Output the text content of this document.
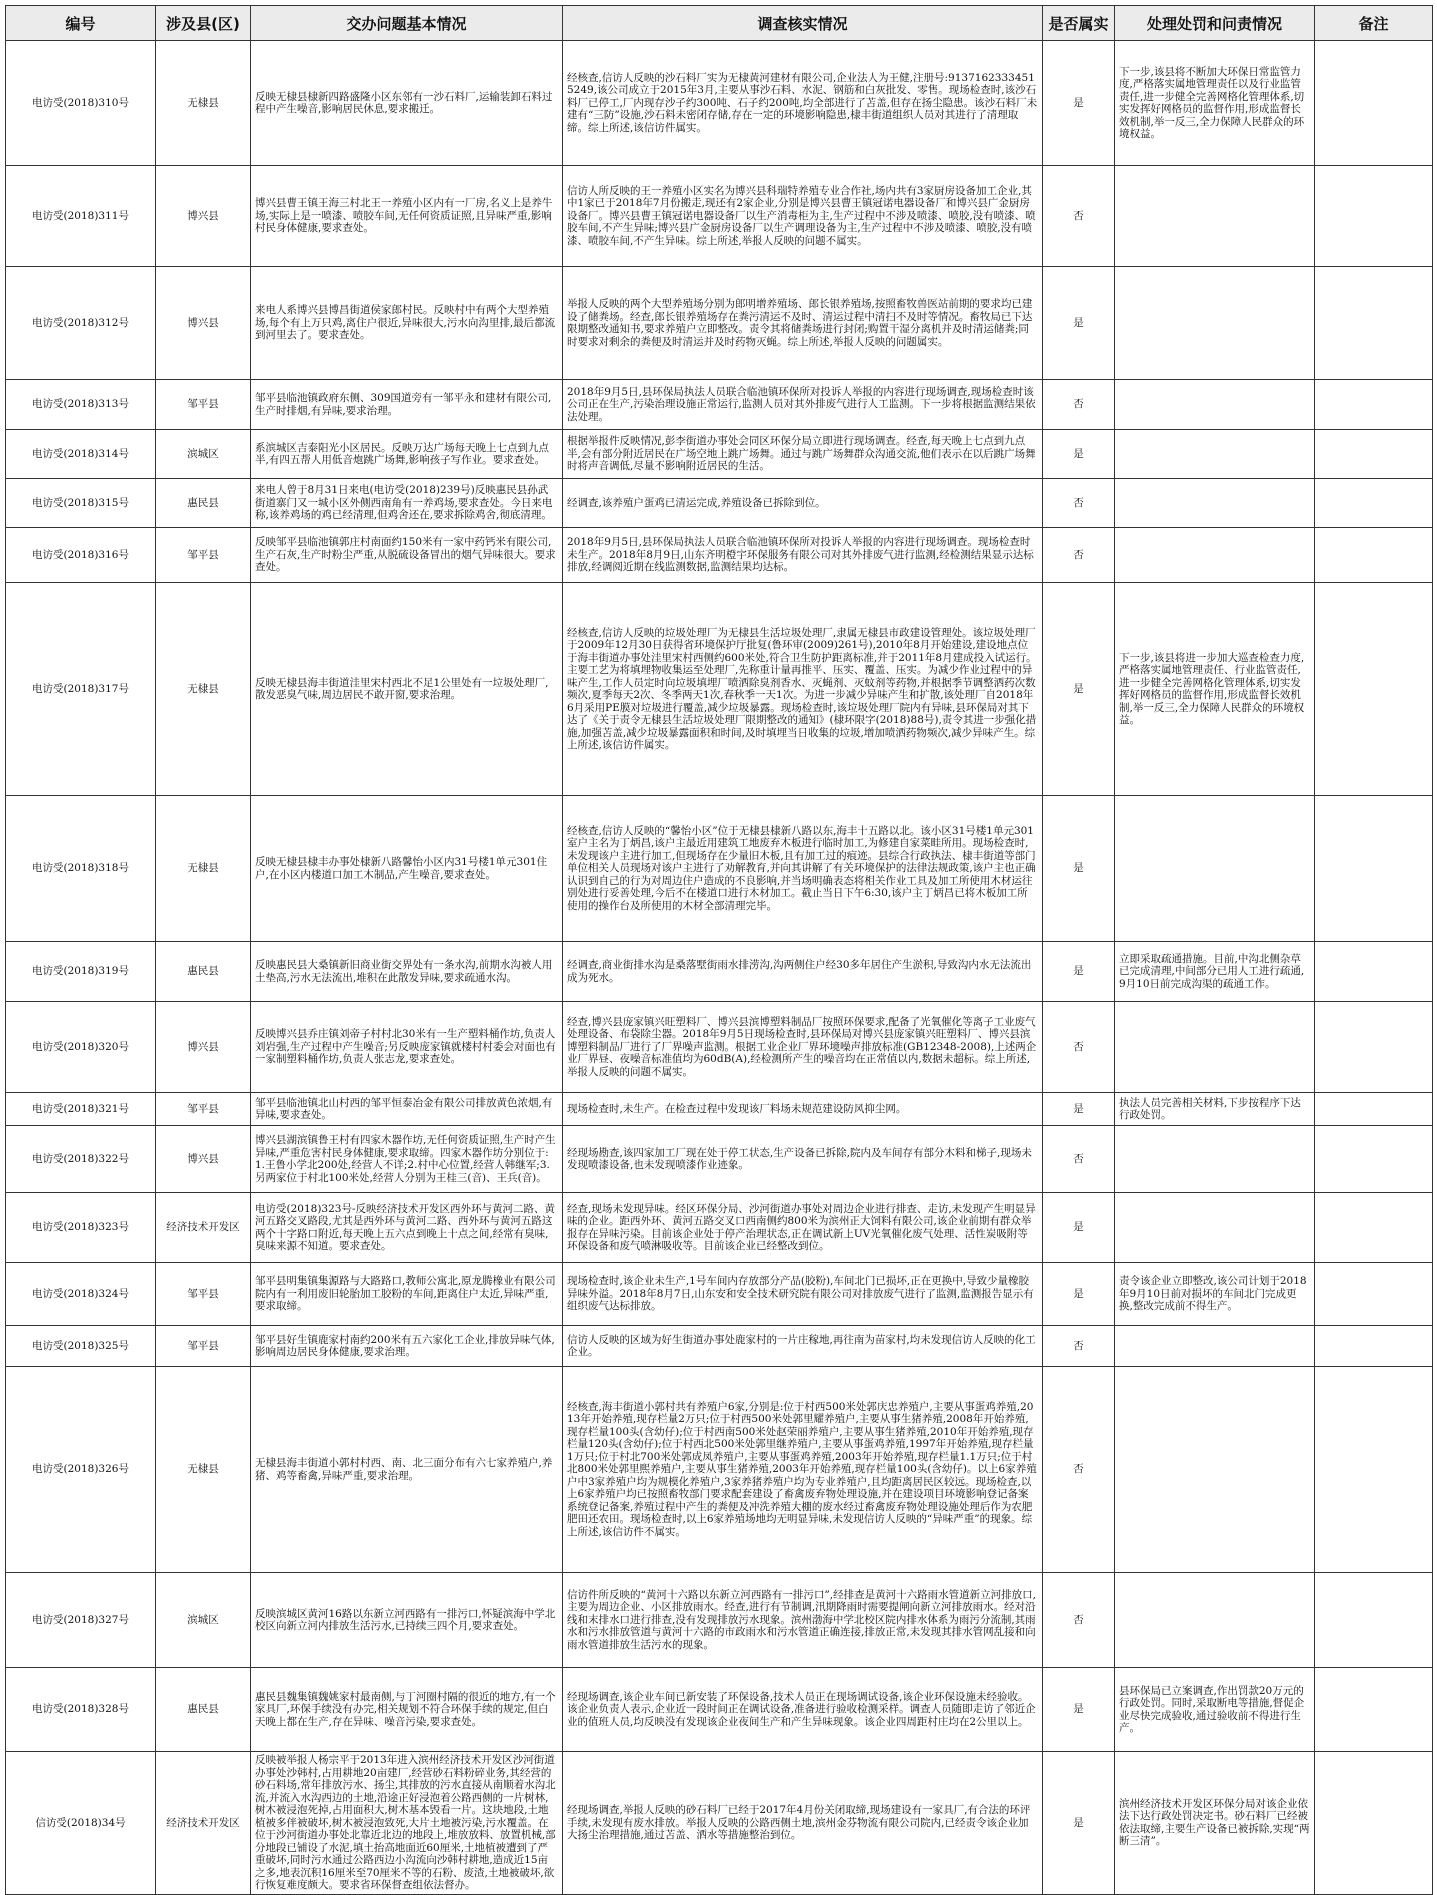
编号	涉及县(区)	交办问题基本情况	调查核实情况	是否属实	处理处罚和问责情况	备注
电访受(2018)310号	无棣县	反映无棣县棣新四路盛隆小区东邻有一沙石料厂,运输装卸石料过程中产生噪音,影响居民休息,要求搬迁。	经核查,信访人反映的沙石料厂实为无棣黄河建材有限公司,企业法人为王健,注册号:91371623334515249,该公司成立于2015年3月,主要从事沙石料、水泥、钢筋和白灰批发、零售。现场检查时,该沙石料厂已停工,厂内现存沙子约300吨、石子约200吨,均全部进行了苫盖,但存在扬尘隐患。该沙石料厂未建有“三防”设施,沙石料未密闭存储,存在一定的环境影响隐患,棣丰街道组织人员对其进行了清理取缔。综上所述,该信访件属实。	是	下一步,该县将不断加大环保日常监管力度,严格落实属地管理责任以及行业监管责任,进一步健全完善网格化管理体系,切实发挥好网格员的监督作用,形成监督长效机制,举一反三,全力保障人民群众的环境权益。	
电访受(2018)311号	博兴县	博兴县曹王镇王海三村北王一养殖小区内有一厂房,名义上是养牛场,实际上是一喷漆、喷胶车间,无任何资质证照,且异味严重,影响村民身体健康,要求查处。	信访人所反映的王一养殖小区实名为博兴县科瑞特养殖专业合作社,场内共有3家厨房设备加工企业,其中1家已于2018年7月份搬走,现还有2家企业,分别是博兴县曹王镇冠诺电器设备厂和博兴县广金厨房设备厂。博兴县曹王镇冠诺电器设备厂以生产消毒柜为主,生产过程中不涉及喷漆、喷胶,没有喷漆、喷胶车间,不产生异味;博兴县广金厨房设备厂以生产调理设备为主,生产过程中不涉及喷漆、喷胶,没有喷漆、喷胶车间,不产生异味。综上所述,举报人反映的问题不属实。	否		
电访受(2018)312号	博兴县	来电人系博兴县博昌街道侯家郎村民。反映村中有两个大型养殖场,每个有上万只鸡,离住户很近,异味很大,污水向沟里排,最后都流到河里去了。要求查处。	举报人反映的两个大型养殖场分别为郎明增养殖场、郎长银养殖场,按照畜牧兽医站前期的要求均已建设了储粪场。经查,郎长银养殖场存在粪污清运不及时、清运过程中清扫不及时等情况。畜牧局已下达限期整改通知书,要求养殖户立即整改。责令其将储粪场进行封闭;购置干湿分离机并及时清运储粪;同时要求对剩余的粪便及时清运并及时药物灭蝇。综上所述,举报人反映的问题属实。	是		
电访受(2018)313号	邹平县	邹平县临池镇政府东侧、309国道旁有一邹平永和建材有限公司,生产时排烟,有异味,要求治理。	2018年9月5日,县环保局执法人员联合临池镇环保所对投诉人举报的内容进行现场调查,现场检查时该公司正在生产,污染治理设施正常运行,监测人员对其外排废气进行人工监测。下一步将根据监测结果依法处理。	否		
电访受(2018)314号	滨城区	系滨城区吉泰阳光小区居民。反映万达广场每天晚上七点到九点半,有四五帮人用低音炮跳广场舞,影响孩子写作业。要求查处。	根据举报件反映情况,彭李街道办事处会同区环保分局立即进行现场调查。经查,每天晚上七点到九点半,会有部分附近居民在广场空地上跳广场舞。通过与跳广场舞群众沟通交流,他们表示在以后跳广场舞时将声音调低,尽量不影响附近居民的生活。	是		
电访受(2018)315号	惠民县	来电人曾于8月31日来电(电访受(2018)239号)反映惠民县孙武街道寨门又一城小区外侧西南角有一养鸡场,要求查处。今日来电称,该养鸡场的鸡已经清理,但鸡舍还在,要求拆除鸡舍,彻底清理。	经调查,该养殖户蛋鸡已清运完成,养殖设备已拆除到位。	否		
电访受(2018)316号	邹平县	反映邹平县临池镇郭庄村南面约150米有一家中药钙米有限公司,生产石灰,生产时粉尘严重,从脱硫设备冒出的烟气异味很大。要求查处。	2018年9月5日,县环保局执法人员联合临池镇环保所对投诉人举报的内容进行现场调查。现场检查时未生产。2018年8月9日,山东齐明橙宇环保服务有限公司对其外排废气进行监测,经检测结果显示达标排放,经调阅近期在线监测数据,监测结果均达标。	否		
电访受(2018)317号	无棣县	反映无棣县海丰街道洼里宋村西北不足1公里处有一垃圾处理厂,散发恶臭气味,周边居民不敢开窗,要求治理。	经核查,信访人反映的垃圾处理厂为无棣县生活垃圾处理厂,隶属无棣县市政建设管理处。该垃圾处理厂于2009年12月30日获得省环境保护厅批复(鲁环审(2009)261号),2010年8月开始建设,建设地点位于海丰街道办事处洼里宋村西侧约600米处,符合卫生防护距离标准,并于2011年8月建成投入试运行。主要工艺为将填埋物收集运至处理厂,先称重计量再推平、压实、覆盖、压实。为减少作业过程中的异味产生,工作人员定时向垃圾填埋厂喷洒除臭剂香水、灭蝇剂、灭蚊剂等药物,并根据季节调整洒药次数频次,夏季每天2次、冬季两天1次,春秋季一天1次。为进一步减少异味产生和扩散,该处理厂自2018年6月采用PE膜对垃圾进行覆盖,减少垃圾暴露。现场检查时,该垃圾处理厂院内有异味,县环保局对其下达了《关于责令无棣县生活垃圾处理厂限期整改的通知》(棣环限字(2018)88号),责令其进一步强化措施,加强苫盖,减少垃圾暴露面积和时间,及时填埋当日收集的垃圾,增加喷洒药物频次,减少异味产生。综上所述,该信访件属实。	是	下一步,该县将进一步加大巡查检查力度,严格落实属地管理责任、行业监管责任,进一步健全完善网格化管理体系,切实发挥好网格员的监督作用,形成监督长效机制,举一反三,全力保障人民群众的环境权益。	
电访受(2018)318号	无棣县	反映无棣县棣丰办事处棣新八路馨怡小区内31号楼1单元301住户,在小区内楼道口加工木制品,产生噪音,要求查处。	经核查,信访人反映的“馨怡小区”位于无棣县棣新八路以东,海丰十五路以北。该小区31号楼1单元301室户主名为丁炳昌,该户主最近用建筑工地废弃木板进行临时加工,为修建自家菜畦所用。现场检查时,未发现该户主进行加工,但现场存在少量旧木板,且有加工过的痕迹。县综合行政执法、棣丰街道等部门单位相关人员现场对该户主进行了劝解教育,并向其讲解了有关环境保护的法律法规政策,该户主也正确认识到自己的行为对周边住户造成的不良影响,并当场明确表态将相关作业工具及加工所使用木材运往别处进行妥善处理,今后不在楼道口进行木材加工。截止当日下午6:30,该户主丁炳昌已将木板加工所使用的操作台及所使用的木材全部清理完毕。	是		
电访受(2018)319号	惠民县	反映惠民县大桑镇新旧商业街交界处有一条水沟,前期水沟被人用土垫高,污水无法流出,堆积在此散发异味,要求疏通水沟。	经调查,商业街排水沟是桑落墅街雨水排涝沟,沟两侧住户经30多年居住产生淤积,导致沟内水无法流出成为死水。	是	立即采取疏通措施。目前,中沟北侧杂草已完成清理,中间部分已用人工进行疏通,9月10日前完成沟渠的疏通工作。	
电访受(2018)320号	博兴县	反映博兴县乔庄镇刘帝子村村北30米有一生产塑料桶作坊,负责人刘岩强,生产过程中产生噪音;另反映庞家镇就楼村村委会对面也有一家制塑料桶作坊,负责人张志龙,要求查处。	经查,博兴县庞家镇兴旺塑料厂、博兴县滨博塑料制品厂按照环保要求,配备了光氧催化等离子工业废气处理设备、布袋除尘器。2018年9月5日现场检查时,县环保局对博兴县庞家镇兴旺塑料厂、博兴县滨博塑料制品厂进行了厂界噪声监测。根据工业企业厂界环境噪声排放标准(GB12348-2008),上述两企业厂界昼、夜噪音标准值均为60dB(A),经检测所产生的噪音均在正常值以内,数据未超标。综上所述,举报人反映的问题不属实。	否		
电访受(2018)321号	邹平县	邹平县临池镇北山村西的邹平恒泰冶金有限公司排放黄色浓烟,有异味,要求查处。	现场检查时,未生产。在检查过程中发现该厂料场未规范建设防风抑尘网。	是	执法人员完善相关材料,下步按程序下达行政处罚。	
电访受(2018)322号	博兴县	博兴县湖滨镇鲁王村有四家木器作坊,无任何资质证照,生产时产生异味,严重危害村民身体健康,要求取缔。四家木器作坊分别位于:1.王鲁小学北200处,经营人不详;2.村中心位置,经营人韩继军;3.另两家位于村北100米处,经营人分别为王桂三(音)、王兵(音)。	经现场勘查,该四家加工厂现在处于停工状态,生产设备已拆除,院内及车间存有部分木料和梯子,现场未发现喷漆设备,也未发现喷漆作业迹象。	否		
电访受(2018)323号	经济技术开发区	电访受(2018)323号-反映经济技术开发区西外环与黄河二路、黄河五路交叉路段,尤其是西外环与黄河二路、西外环与黄河五路这两个十字路口附近,每天晚上五六点到晚上十点之间,经常有臭味,臭味来源不知道。要求查处。	经查,现场未发现异味。经区环保分局、沙河街道办事处对周边企业进行排查、走访,未发现产生明显异味的企业。距西外环、黄河五路交叉口西南侧约800米为滨州正大饲料有限公司,该企业前期有群众举报存在异味污染。目前该企业处于停产治理状态,正在调试新上UV光氧催化废气处理、活性炭吸附等环保设备和废气喷淋吸收等。目前该企业已经整改到位。	是		
电访受(2018)324号	邹平县	邹平县明集镇集源路与大路路口,教师公寓北,原龙腾橡业有限公司院内有一利用废旧轮胎加工胶粉的车间,距离住户太近,异味严重,要求取缔。	现场检查时,该企业未生产,1号车间内存放部分产品(胶粉),车间北门已损坏,正在更换中,导致少量橡胶异味外溢。2018年8月7日,山东安和安全技术研究院有限公司对排放废气进行了监测,监测报告显示有组织废气达标排放。	是	责令该企业立即整改,该公司计划于2018年9月10日前对损坏的车间北门完成更换,整改完成前不得生产。	
电访受(2018)325号	邹平县	邹平县好生镇鹿家村南约200米有五六家化工企业,排放异味气体,影响周边居民身体健康,要求治理。	信访人反映的区域为好生街道办事处鹿家村的一片庄稼地,再往南为苗家村,均未发现信访人反映的化工企业。	否		
电访受(2018)326号	无棣县	无棣县海丰街道小郭村村西、南、北三面分布有六七家养殖户,养猪、鸡等畜禽,异味严重,要求治理。	经核查,海丰街道小郭村共有养殖户6家,分别是:位于村西500米处郭庆忠养殖户,主要从事蛋鸡养殖,2013年开始养殖,现存栏量2万只;位于村西500米处郭里耀养殖户,主要从事生猪养殖,2008年开始养殖,现存栏量100头(含幼仔);位于村西南500米处赵荣丽养殖户,主要从事生猪养殖,2010年开始养殖,现存栏量120头(含幼仔);位于村西北500米处郭里继养殖户,主要从事蛋鸡养殖,1997年开始养殖,现存栏量1万只;位于村北700米处郭成凤养殖户,主要从事蛋鸡养殖,2003年开始养殖,现存栏量1.1万只;位于村北800米处郭里熙养殖户,主要从事生猪养殖,2003年开始养殖,现存栏量100头(含幼仔)。以上6家养殖户中3家养殖户均为规模化养殖户,3家养猪养殖户均为专业养殖户,且均距离居民区较远。现场检查,以上6家养殖户均已按照畜牧部门要求配套建设了畜禽废弃物处理设施,并在建设项目环境影响登记备案系统登记备案,养殖过程中产生的粪便及冲洗养殖大棚的废水经过畜禽废弃物处理设施处理后作为农肥肥田还农田。现场检查时,以上6家养殖场地均无明显异味,未发现信访人反映的“异味严重”的现象。综上所述,该信访件不属实。	否		
电访受(2018)327号	滨城区	反映滨城区黄河16路以东新立河西路有一排污口,怀疑滨海中学北校区向新立河内排放生活污水,已持续三四个月,要求查处。	信访件所反映的“黄河十六路以东新立河西路有一排污口”,经排查是黄河十六路雨水管道新立河排放口,主要为周边企业、小区排放雨水。经查,进行有节制调,汛期降雨时需要提闸向新立河排放雨水。经对沿线和末排水口进行排查,没有发现排放污水现象。滨州渤海中学北校区院内排水体系为雨污分流制,其雨水和污水排放管道与黄河十六路的市政雨水和污水管道正确连接,排放正常,未发现其排水管网乱接和向雨水管道排放生活污水的现象。	否		
电访受(2018)328号	惠民县	惠民县魏集镇魏姚家村最南侧,与丁河圈村隔的很近的地方,有一个家具厂,环保手续没有办完,相关规划不符合环保手续的规定,但白天晚上都在生产,存在异味、噪音污染,要求查处。	经现场调查,该企业车间已新安装了环保设备,技术人员正在现场调试设备,该企业环保设施未经验收。该企业负责人表示,企业近一段时间正在调试设备,准备进行验收检测采样。调查人员随即走访了邻近企业的值班人员,均反映没有发现该企业夜间生产和产生异味现象。该企业四周距村庄均在2公里以上。	是	县环保局已立案调查,作出罚款20万元的行政处罚。同时,采取断电等措施,督促企业尽快完成验收,通过验收前不得进行生产。	
信访受(2018)34号	经济技术开发区	反映被举报人杨宗平于2013年进入滨州经济技术开发区沙河街道办事处沙韩村,占用耕地20亩建厂,经营砂石料粉碎业务,其经营的砂石料场,常年排放污水、扬尘,其排放的污水直接从南顺着水沟北流,并流入水沟西边的土地,沿途正好浸泡着公路西侧的一片树林,树木被浸泡死掉,占用面积大,树木基本毁看一片。这块地段,土地植被多伴被破坏,树木被浸泡致死,大片土地被污染,污水覆盖。在位于沙河街道办事处北靠近北边的地段上,堆放放料、放置机械,部分地段已铺设了水泥,填土抬高地面近60厘米,土地植被遭到了严重破坏,同时污水通过公路西边小沟流向沙韩村耕地,造成近15亩之多,地表沉积16厘米至70厘米不等的石粉、废渣,土地被破坏,欲行恢复难度颇大。要求省环保督查组依法督办。	经现场调查,举报人反映的砂石料厂已经于2017年4月份关闭取缔,现场建设有一家具厂,有合法的环评手续,未发现有废水排放。举报人反映的公路西侧土地,滨州金芬物流有限公司院内,已经责令该企业加大扬尘治理措施,通过苫盖、洒水等措施整治到位。	是	滨州经济技术开发区环保分局对该企业依法下达行政处罚决定书。砂石料厂已经被依法取缔,主要生产设备已被拆除,实现“两断三清”。	
